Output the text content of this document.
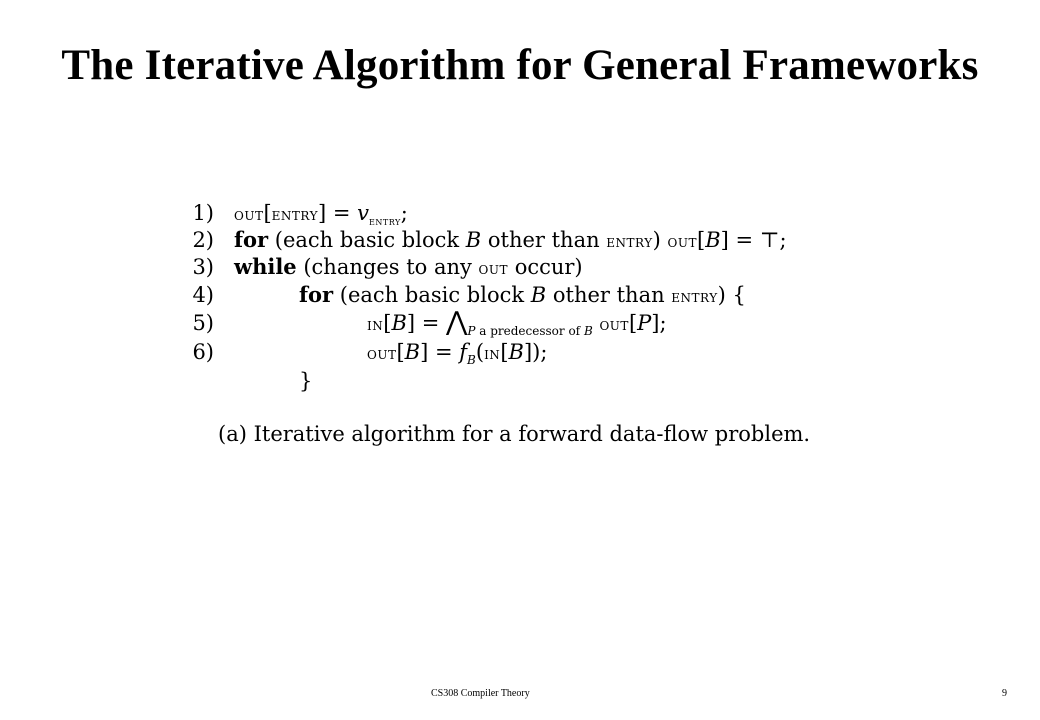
The Iterative Algorithm for General Frameworks
1) out[entry] = $v_{entry}$;
2) for (each basic block B other than entry) out[B] = ⊤;
3) while (changes to any out occur)
4)	for (each basic block B other than entry) {
5)	$in[B] = ⋀_{P a predecessor of B}$ out[P];
6)	$out[B] = f_B(in[B])$;
}
(a) Iterative algorithm for a forward data-flow problem.
CS308 Compiler Theory	9
